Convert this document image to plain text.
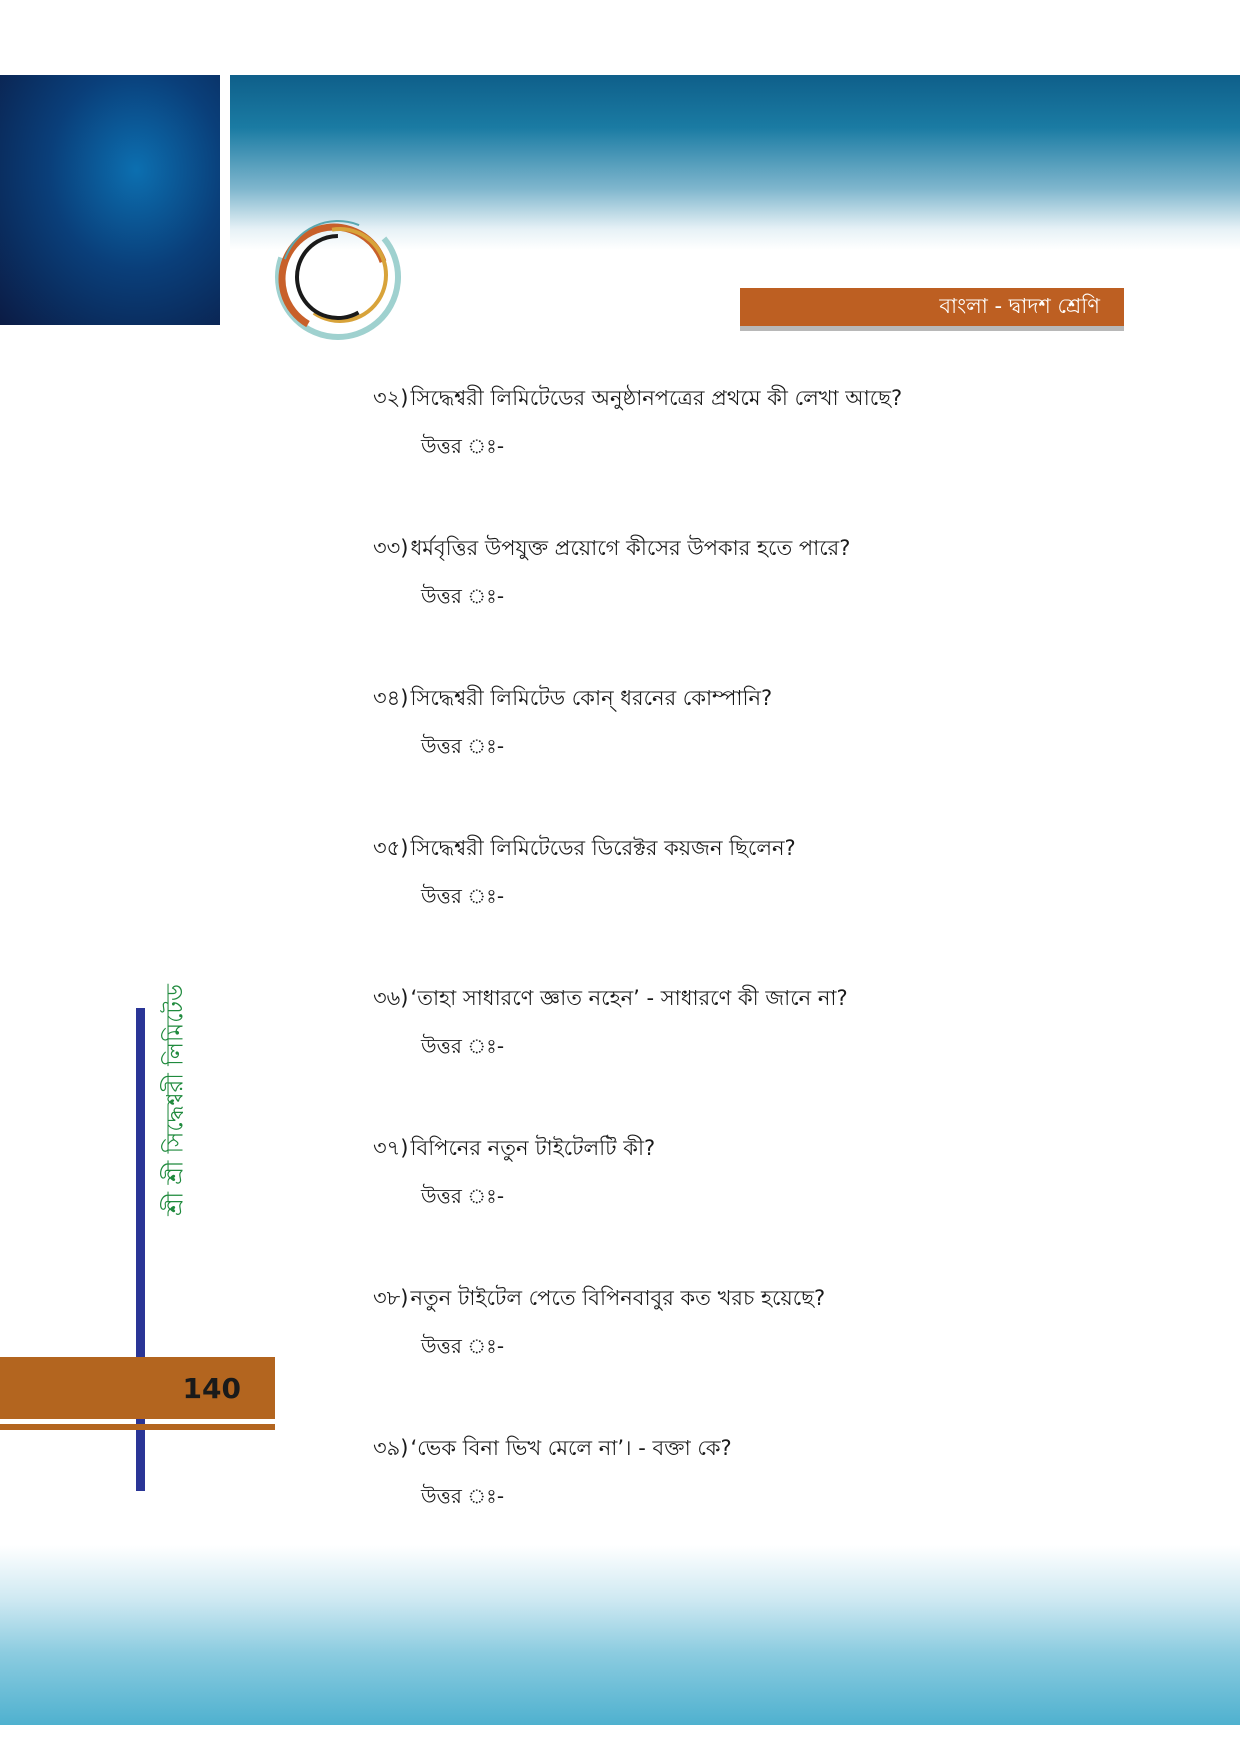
বাংলা - দ্বাদশ শ্রেণি
৩২)সিদ্ধেশ্বরী লিমিটেডের অনুষ্ঠানপত্রের প্রথমে কী লেখা আছে?
উত্তর ঃ-
৩৩)ধর্মবৃত্তির উপযুক্ত প্রয়োগে কীসের উপকার হতে পারে?
উত্তর ঃ-
৩৪)সিদ্ধেশ্বরী লিমিটেড কোন্ ধরনের কোম্পানি?
উত্তর ঃ-
৩৫)সিদ্ধেশ্বরী লিমিটেডের ডিরেক্টর কয়জন ছিলেন?
উত্তর ঃ-
৩৬)‘তাহা সাধারণে জ্ঞাত নহেন’ - সাধারণে কী জানে না?
উত্তর ঃ-
৩৭)বিপিনের নতুন টাইটেলটি কী?
উত্তর ঃ-
৩৮)নতুন টাইটেল পেতে বিপিনবাবুর কত খরচ হয়েছে?
উত্তর ঃ-
৩৯)‘ভেক বিনা ভিখ মেলে না’। - বক্তা কে?
উত্তর ঃ-
শ্রী শ্রী সিদ্ধেশ্বরী লিমিটেড
140
